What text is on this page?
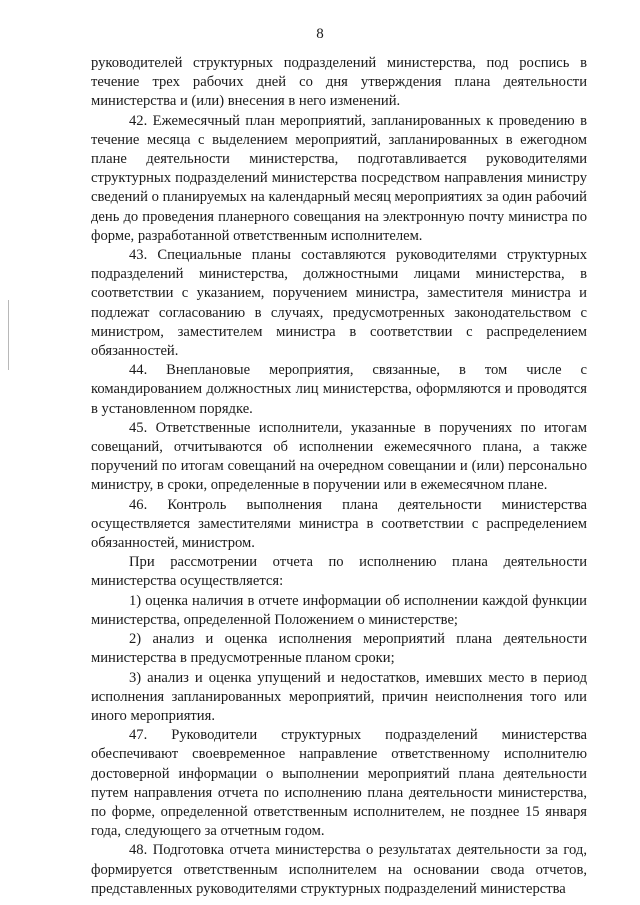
8

руководителей структурных подразделений министерства, под роспись в течение трех рабочих дней со дня утверждения плана деятельности министерства и (или) внесения в него изменений.

42. Ежемесячный план мероприятий, запланированных к проведению в течение месяца с выделением мероприятий, запланированных в ежегодном плане деятельности министерства, подготавливается руководителями структурных подразделений министерства посредством направления министру сведений о планируемых на календарный месяц мероприятиях за один рабочий день до проведения планерного совещания на электронную почту министра по форме, разработанной ответственным исполнителем.

43. Специальные планы составляются руководителями структурных подразделений министерства, должностными лицами министерства, в соответствии с указанием, поручением министра, заместителя министра и подлежат согласованию в случаях, предусмотренных законодательством с министром, заместителем министра в соответствии с распределением обязанностей.

44. Внеплановые мероприятия, связанные, в том числе с командированием должностных лиц министерства, оформляются и проводятся в установленном порядке.

45. Ответственные исполнители, указанные в поручениях по итогам совещаний, отчитываются об исполнении ежемесячного плана, а также поручений по итогам совещаний на очередном совещании и (или) персонально министру, в сроки, определенные в поручении или в ежемесячном плане.

46. Контроль выполнения плана деятельности министерства осуществляется заместителями министра в соответствии с распределением обязанностей, министром.

При рассмотрении отчета по исполнению плана деятельности министерства осуществляется:

1) оценка наличия в отчете информации об исполнении каждой функции министерства, определенной Положением о министерстве;

2) анализ и оценка исполнения мероприятий плана деятельности министерства в предусмотренные планом сроки;

3) анализ и оценка упущений и недостатков, имевших место в период исполнения запланированных мероприятий, причин неисполнения того или иного мероприятия.

47. Руководители структурных подразделений министерства обеспечивают своевременное направление ответственному исполнителю достоверной информации о выполнении мероприятий плана деятельности путем направления отчета по исполнению плана деятельности министерства, по форме, определенной ответственным исполнителем, не позднее 15 января года, следующего за отчетным годом.

48. Подготовка отчета министерства о результатах деятельности за год, формируется ответственным исполнителем на основании свода отчетов, представленных руководителями структурных подразделений министерства
